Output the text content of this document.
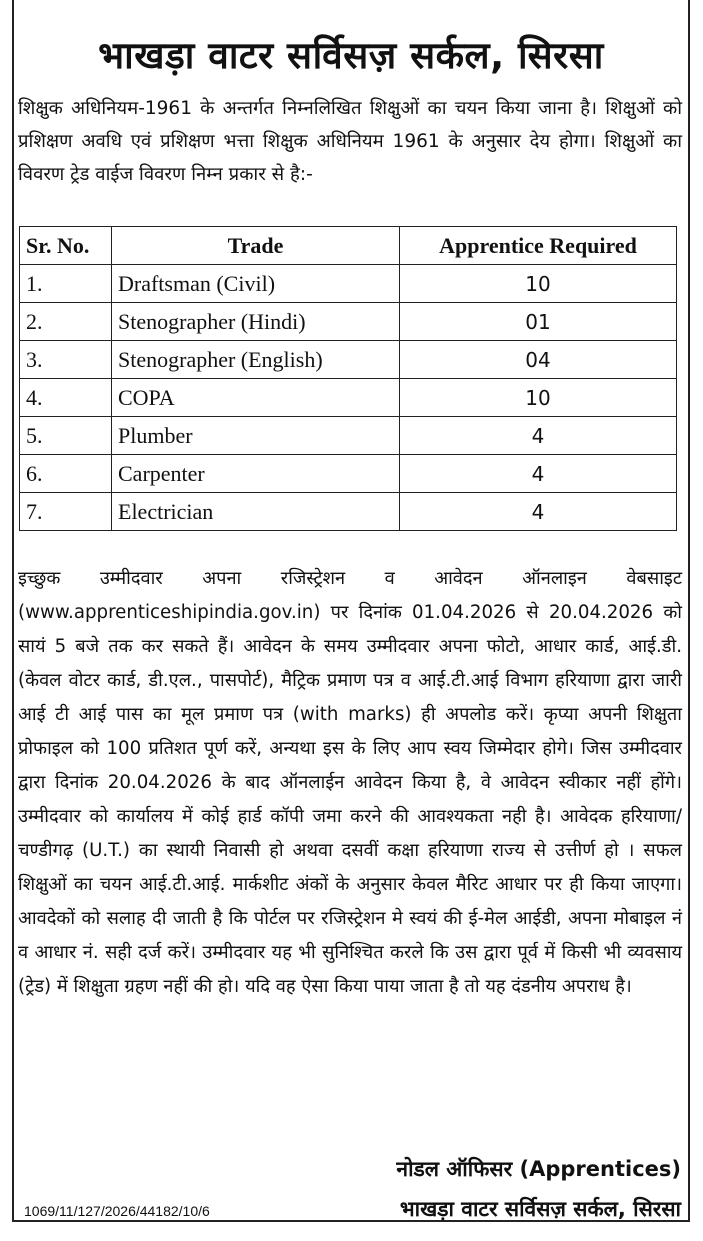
भाखड़ा वाटर सर्विसज़ सर्कल, सिरसा
शिक्षुक अधिनियम-1961 के अन्तर्गत निम्नलिखित शिक्षुओं का चयन किया जाना है। शिक्षुओं को प्रशिक्षण अवधि एवं प्रशिक्षण भत्ता शिक्षुक अधिनियम 1961 के अनुसार देय होगा। शिक्षुओं का विवरण ट्रेड वाईज विवरण निम्न प्रकार से है:-
Sr. No.	Trade	Apprentice Required
1.	Draftsman (Civil)	10
2.	Stenographer (Hindi)	01
3.	Stenographer (English)	04
4.	COPA	10
5.	Plumber	4
6.	Carpenter	4
7.	Electrician	4
इच्छुक उम्मीदवार अपना रजिस्ट्रेशन व आवेदन ऑनलाइन वेबसाइट (www.apprenticeshipindia.gov.in) पर दिनांक 01.04.2026 से 20.04.2026 को सायं 5 बजे तक कर सकते हैं। आवेदन के समय उम्मीदवार अपना फोटो, आधार कार्ड, आई.डी. (केवल वोटर कार्ड, डी.एल., पासपोर्ट), मैट्रिक प्रमाण पत्र व आई.टी.आई विभाग हरियाणा द्वारा जारी आई टी आई पास का मूल प्रमाण पत्र (with marks) ही अपलोड करें। कृप्या अपनी शिक्षुता प्रोफाइल को 100 प्रतिशत पूर्ण करें, अन्यथा इस के लिए आप स्वय जिम्मेदार होगे। जिस उम्मीदवार द्वारा दिनांक 20.04.2026 के बाद ऑनलाईन आवेदन किया है, वे आवेदन स्वीकार नहीं होंगे। उम्मीदवार को कार्यालय में कोई हार्ड कॉपी जमा करने की आवश्यकता नही है। आवेदक हरियाणा/ चण्डीगढ़ (U.T.) का स्थायी निवासी हो अथवा दसवीं कक्षा हरियाणा राज्य से उत्तीर्ण हो । सफल शिक्षुओं का चयन आई.टी.आई. मार्कशीट अंकों के अनुसार केवल मैरिट आधार पर ही किया जाएगा। आवदेकों को सलाह दी जाती है कि पोर्टल पर रजिस्ट्रेशन मे स्वयं की ई-मेल आईडी, अपना मोबाइल नं व आधार नं. सही दर्ज करें। उम्मीदवार यह भी सुनिश्चित करले कि उस द्वारा पूर्व में किसी भी व्यवसाय (ट्रेड) में शिक्षुता ग्रहण नहीं की हो। यदि वह ऐसा किया पाया जाता है तो यह दंडनीय अपराध है।
नोडल ऑफिसर (Apprentices)
1069/11/127/2026/44182/10/6	भाखड़ा वाटर सर्विसज़ सर्कल, सिरसा
